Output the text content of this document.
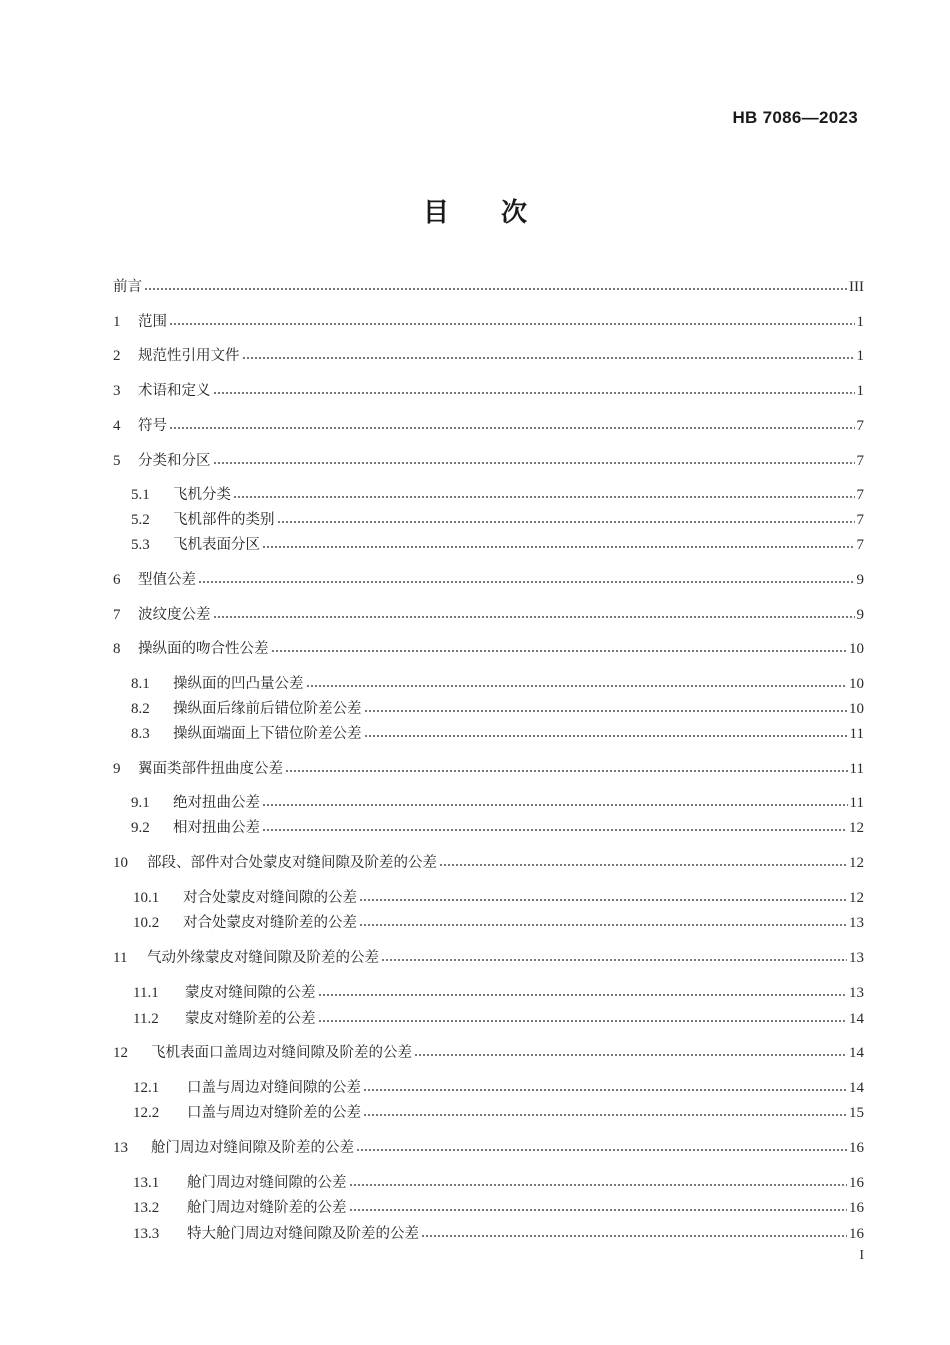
HB 7086—2023
目次
前言	III
1	范围	1
2	规范性引用文件	1
3	术语和定义	1
4	符号	7
5	分类和分区	7
5.1	飞机分类	7
5.2	飞机部件的类别	7
5.3	飞机表面分区	7
6	型值公差	9
7	波纹度公差	9
8	操纵面的吻合性公差	10
8.1	操纵面的凹凸量公差	10
8.2	操纵面后缘前后错位阶差公差	10
8.3	操纵面端面上下错位阶差公差	11
9	翼面类部件扭曲度公差	11
9.1	绝对扭曲公差	11
9.2	相对扭曲公差	12
10	部段、部件对合处蒙皮对缝间隙及阶差的公差	12
10.1	对合处蒙皮对缝间隙的公差	12
10.2	对合处蒙皮对缝阶差的公差	13
11	气动外缘蒙皮对缝间隙及阶差的公差	13
11.1	蒙皮对缝间隙的公差	13
11.2	蒙皮对缝阶差的公差	14
12	飞机表面口盖周边对缝间隙及阶差的公差	14
12.1	口盖与周边对缝间隙的公差	14
12.2	口盖与周边对缝阶差的公差	15
13	舱门周边对缝间隙及阶差的公差	16
13.1	舱门周边对缝间隙的公差	16
13.2	舱门周边对缝阶差的公差	16
13.3	特大舱门周边对缝间隙及阶差的公差	16
I
